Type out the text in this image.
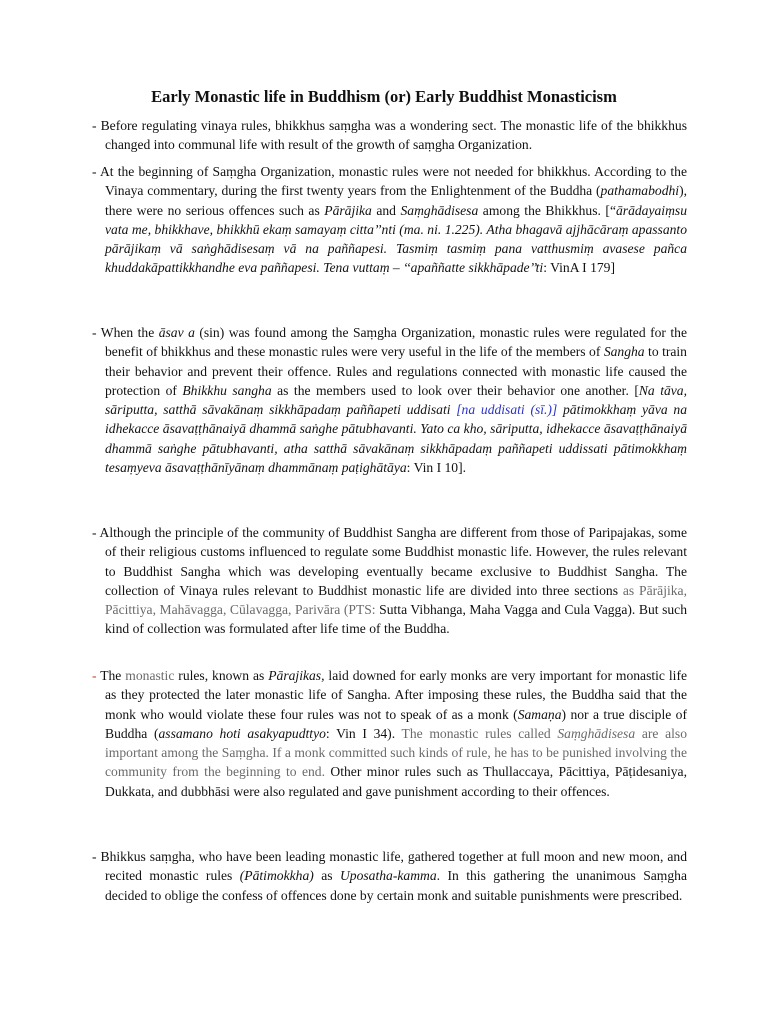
Early Monastic life in Buddhism (or) Early Buddhist Monasticism

- Before regulating vinaya rules, bhikkhus saṃgha was a wondering sect. The monastic life of the bhikkhus changed into communal life with result of the growth of saṃgha Organization.

- At the beginning of Saṃgha Organization, monastic rules were not needed for bhikkhus. According to the Vinaya commentary, during the first twenty years from the Enlightenment of the Buddha (pathamabodhi), there were no serious offences such as Pārājika and Saṃghādisesa among the Bhikkhus. [“ārādayaiṃsu vata me, bhikkhave, bhikkhū ekaṃ samayaṃ citta’’nti (ma. ni. 1.225). Atha bhagavā ajjhācāraṃ apassanto pārājikaṃ vā saṅghādisesaṃ vā na paññapesi. Tasmiṃ tasmiṃ pana vatthusmiṃ avasese pañca khuddakāpattikkhandhe eva paññapesi. Tena vuttaṃ – ‘‘apaññatte sikkhāpade’’ti: VinA I 179]

- When the āsav a (sin) was found among the Saṃgha Organization, monastic rules were regulated for the benefit of bhikkhus and these monastic rules were very useful in the life of the members of Sangha to train their behavior and prevent their offence. Rules and regulations connected with monastic life caused the protection of Bhikkhu sangha as the members used to look over their behavior one another. [Na tāva, sāriputta, satthā sāvakānaṃ sikkhāpadaṃ paññapeti uddisati [na uddisati (sī.)] pātimokkhaṃ yāva na idhekacce āsavaṭṭhānaiyā dhammā saṅghe pātubhavanti. Yato ca kho, sāriputta, idhekacce āsavaṭṭhānaiyā dhammā saṅghe pātubhavanti, atha satthā sāvakānaṃ sikkhāpadaṃ paññapeti uddissati pātimokkhaṃ tesaṃyeva āsavaṭṭhānīyānaṃ dhammānaṃ paṭighātāya: Vin I 10].

- Although the principle of the community of Buddhist Sangha are different from those of Paripajakas, some of their religious customs influenced to regulate some Buddhist monastic life. However, the rules relevant to Buddhist Sangha which was developing eventually became exclusive to Buddhist Sangha. The collection of Vinaya rules relevant to Buddhist monastic life are divided into three sections as Pārājika, Pācittiya, Mahāvagga, Cūlavagga, Parivāra (PTS: Sutta Vibhanga, Maha Vagga and Cula Vagga). But such kind of collection was formulated after life time of the Buddha.

- The monastic rules, known as Pārajikas, laid downed for early monks are very important for monastic life as they protected the later monastic life of Sangha. After imposing these rules, the Buddha said that the monk who would violate these four rules was not to speak of as a monk (Samaṇa) nor a true disciple of Buddha (assamano hoti asakyapudttyo: Vin I 34). The monastic rules called Saṃghādisesa are also important among the Saṃgha. If a monk committed such kinds of rule, he has to be punished involving the community from the beginning to end. Other minor rules such as Thullaccaya, Pācittiya, Pāṭidesaniya, Dukkata, and dubbhāsi were also regulated and gave punishment according to their offences.

- Bhikkus saṃgha, who have been leading monastic life, gathered together at full moon and new moon, and recited monastic rules (Pātimokkha) as Uposatha-kamma. In this gathering the unanimous Saṃgha decided to oblige the confess of offences done by certain monk and suitable punishments were prescribed.
